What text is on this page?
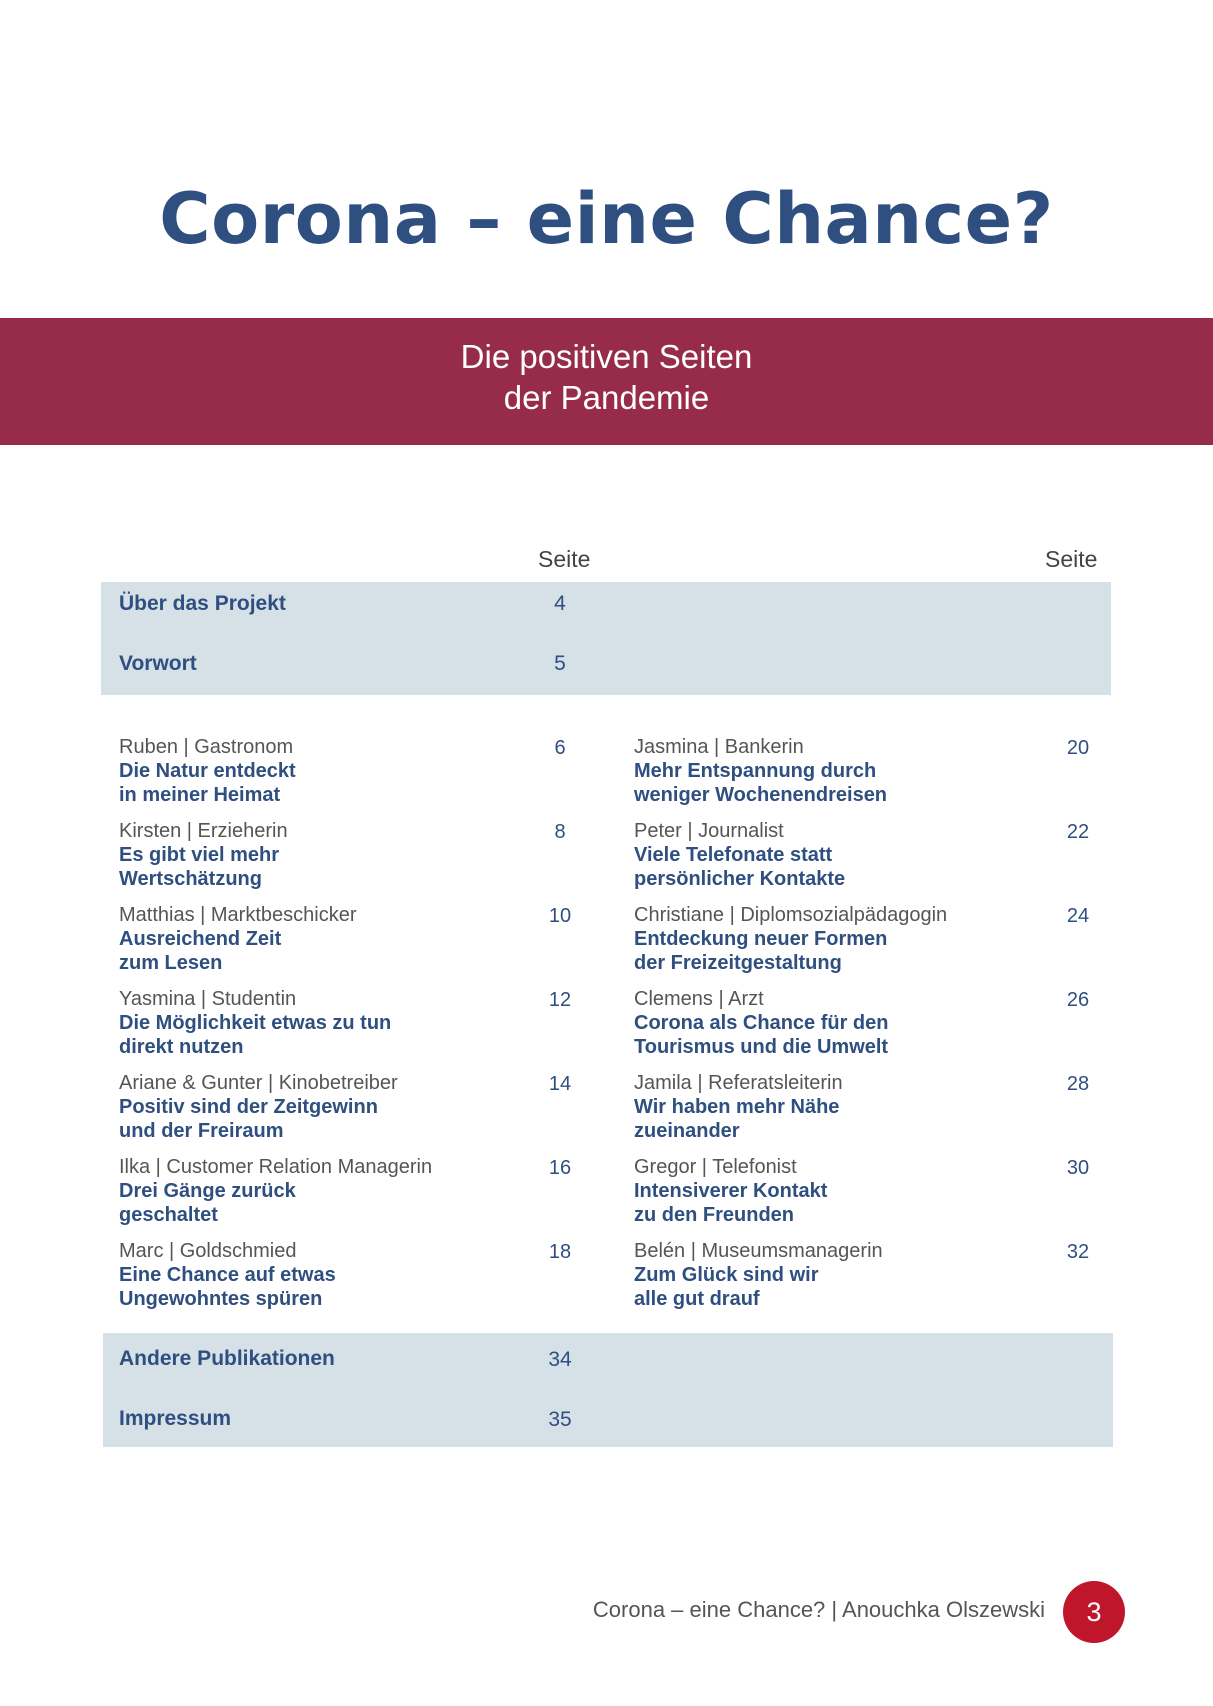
Corona – eine Chance?
Die positiven Seiten
der Pandemie
Seite	Seite
Über das Projekt	4
Vorwort	5
Ruben | Gastronom
Die Natur entdeckt
in meiner Heimat
6
Kirsten | Erzieherin
Es gibt viel mehr
Wertschätzung
8
Matthias | Marktbeschicker
Ausreichend Zeit
zum Lesen
10
Yasmina | Studentin
Die Möglichkeit etwas zu tun
direkt nutzen
12
Ariane & Gunter | Kinobetreiber
Positiv sind der Zeitgewinn
und der Freiraum
14
Ilka | Customer Relation Managerin
Drei Gänge zurück
geschaltet
16
Marc | Goldschmied
Eine Chance auf etwas
Ungewohntes spüren
18
Jasmina | Bankerin
Mehr Entspannung durch
weniger Wochenendreisen
20
Peter | Journalist
Viele Telefonate statt
persönlicher Kontakte
22
Christiane | Diplomsozialpädagogin
Entdeckung neuer Formen
der Freizeitgestaltung
24
Clemens | Arzt
Corona als Chance für den
Tourismus und die Umwelt
26
Jamila | Referatsleiterin
Wir haben mehr Nähe
zueinander
28
Gregor | Telefonist
Intensiverer Kontakt
zu den Freunden
30
Belén | Museumsmanagerin
Zum Glück sind wir
alle gut drauf
32
Andere Publikationen	34
Impressum	35
Corona – eine Chance? | Anouchka Olszewski	3
